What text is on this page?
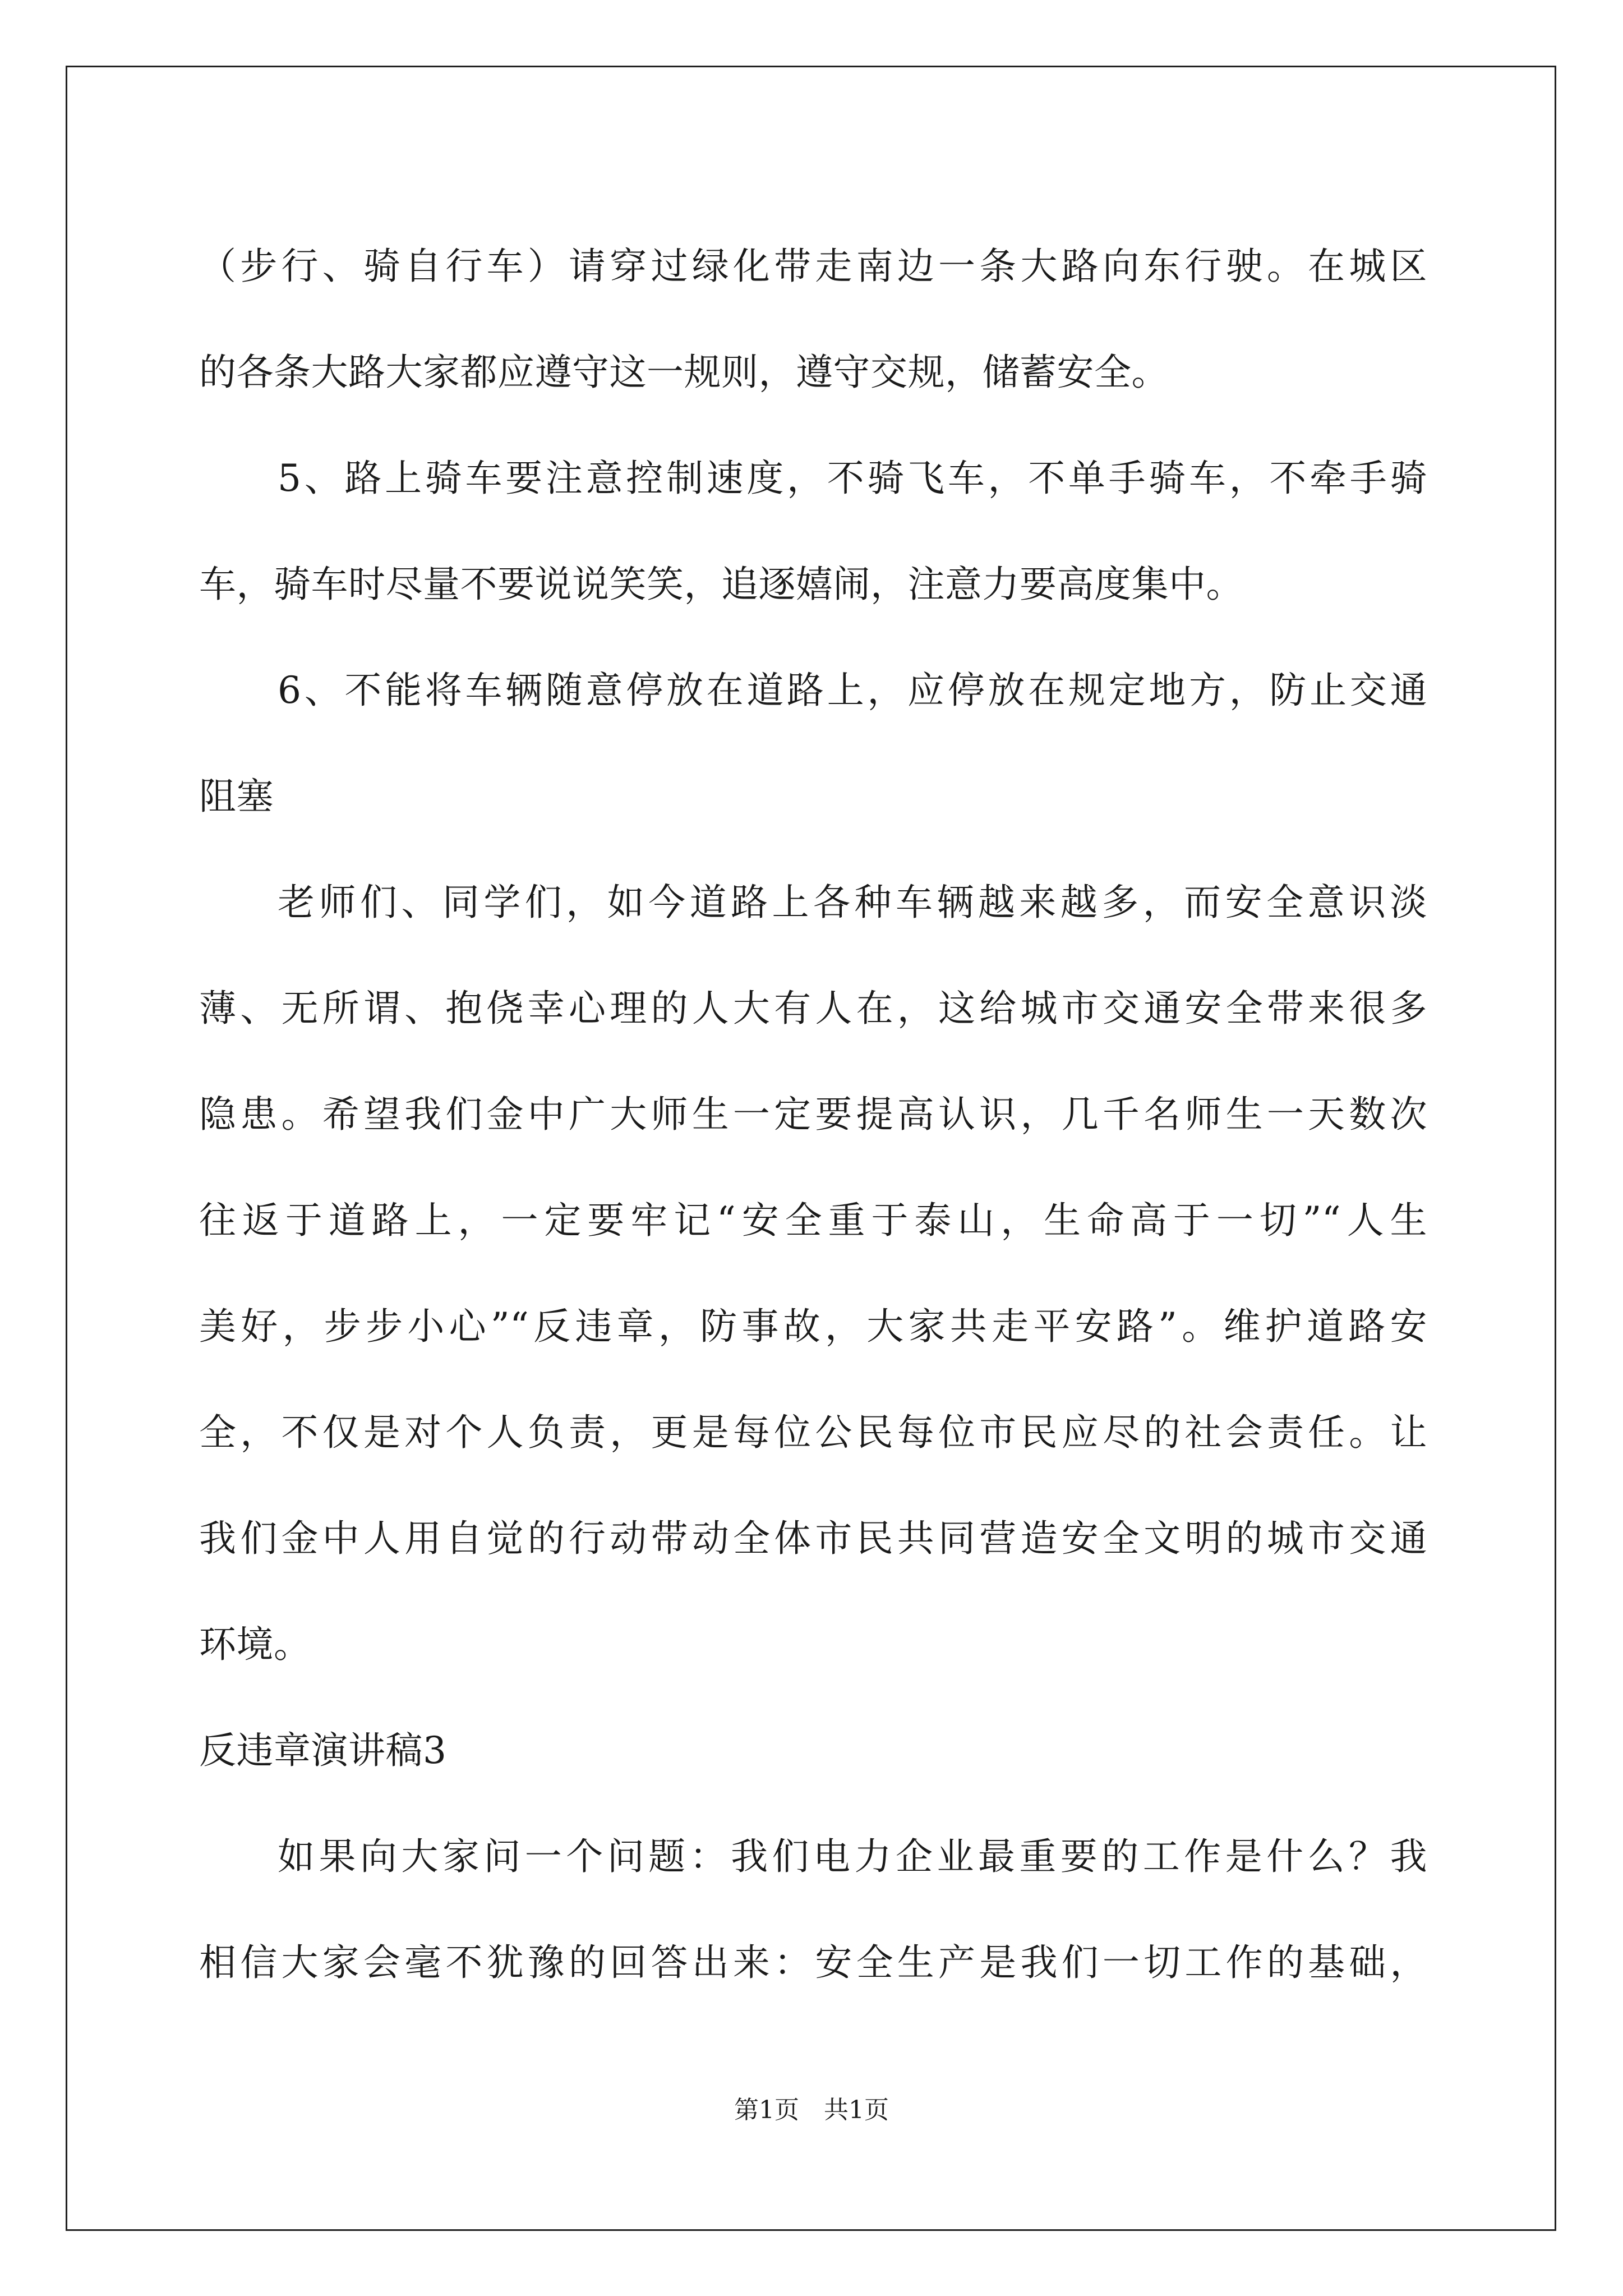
（步行、骑自行车）请穿过绿化带走南边一条大路向东行驶。在城区
的各条大路大家都应遵守这一规则，遵守交规，储蓄安全。
5、路上骑车要注意控制速度，不骑飞车，不单手骑车，不牵手骑
车，骑车时尽量不要说说笑笑，追逐嬉闹，注意力要高度集中。
6、不能将车辆随意停放在道路上，应停放在规定地方，防止交通
阻塞
老师们、同学们，如今道路上各种车辆越来越多，而安全意识淡
薄、无所谓、抱侥幸心理的人大有人在，这给城市交通安全带来很多
隐患。希望我们金中广大师生一定要提高认识，几千名师生一天数次
往返于道路上，一定要牢记“安全重于泰山，生命高于一切”“人生
美好，步步小心”“反违章，防事故，大家共走平安路”。维护道路安
全，不仅是对个人负责，更是每位公民每位市民应尽的社会责任。让
我们金中人用自觉的行动带动全体市民共同营造安全文明的城市交通
环境。
反违章演讲稿3
如果向大家问一个问题：我们电力企业最重要的工作是什么？我
相信大家会毫不犹豫的回答出来：安全生产是我们一切工作的基础，
第1页　共1页
